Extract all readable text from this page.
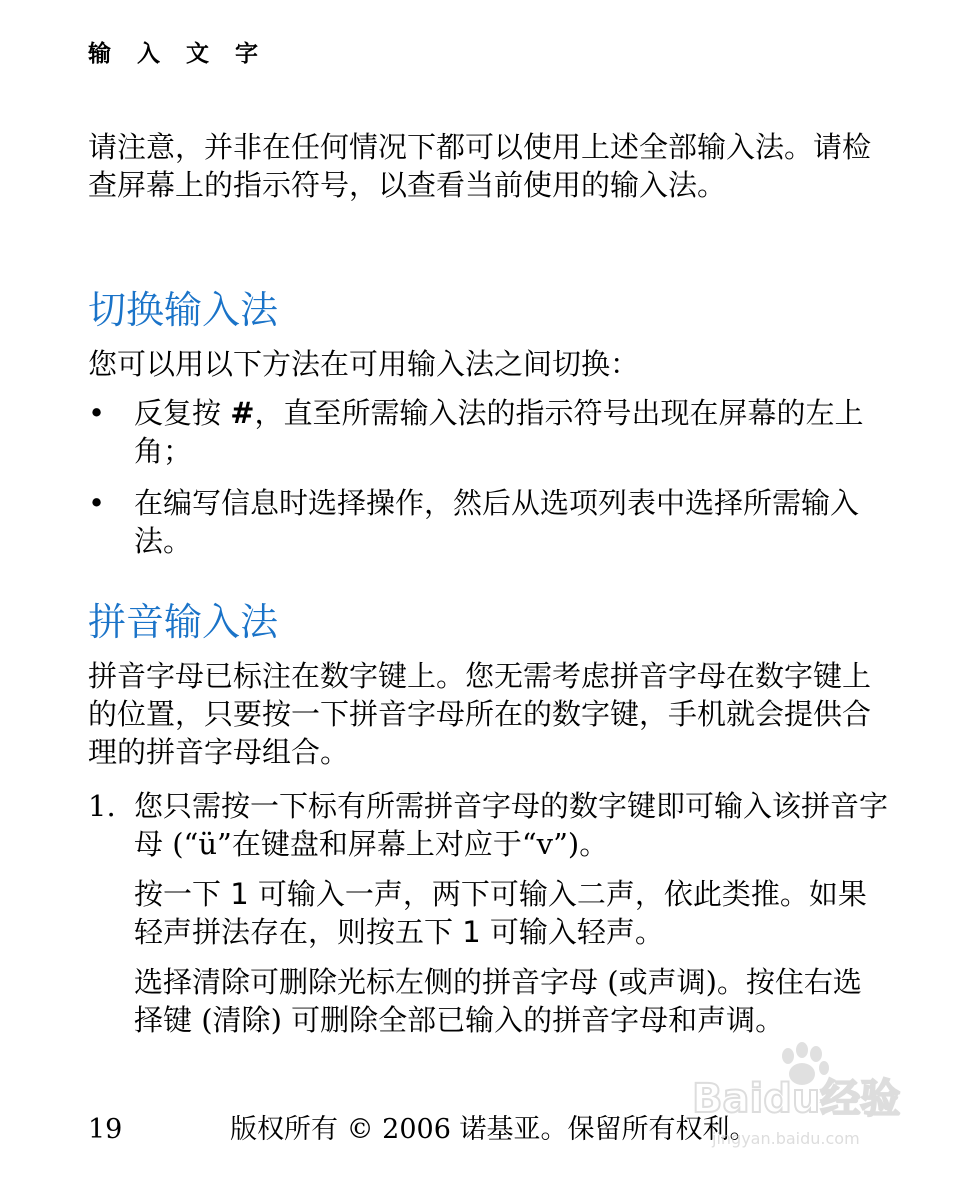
输 入 文 字

请注意，并非在任何情况下都可以使用上述全部输入法。请检查屏幕上的指示符号，以查看当前使用的输入法。

切换输入法

您可以用以下方法在可用输入法之间切换：

• 反复按 #，直至所需输入法的指示符号出现在屏幕的左上角；
• 在编写信息时选择操作，然后从选项列表中选择所需输入法。
拼音输入法

拼音字母已标注在数字键上。您无需考虑拼音字母在数字键上的位置，只要按一下拼音字母所在的数字键，手机就会提供合理的拼音字母组合。

1. 您只需按一下标有所需拼音字母的数字键即可输入该拼音字母 (“ü”在键盘和屏幕上对应于“v”)。
按一下 1 可输入一声，两下可输入二声，依此类推。如果轻声拼法存在，则按五下 1 可输入轻声。
选择清除可删除光标左侧的拼音字母 (或声调)。按住右选择键 (清除) 可删除全部已输入的拼音字母和声调。
19	版权所有 © 2006 诺基亚。保留所有权利。
Baidu经验
jingyan.baidu.com
